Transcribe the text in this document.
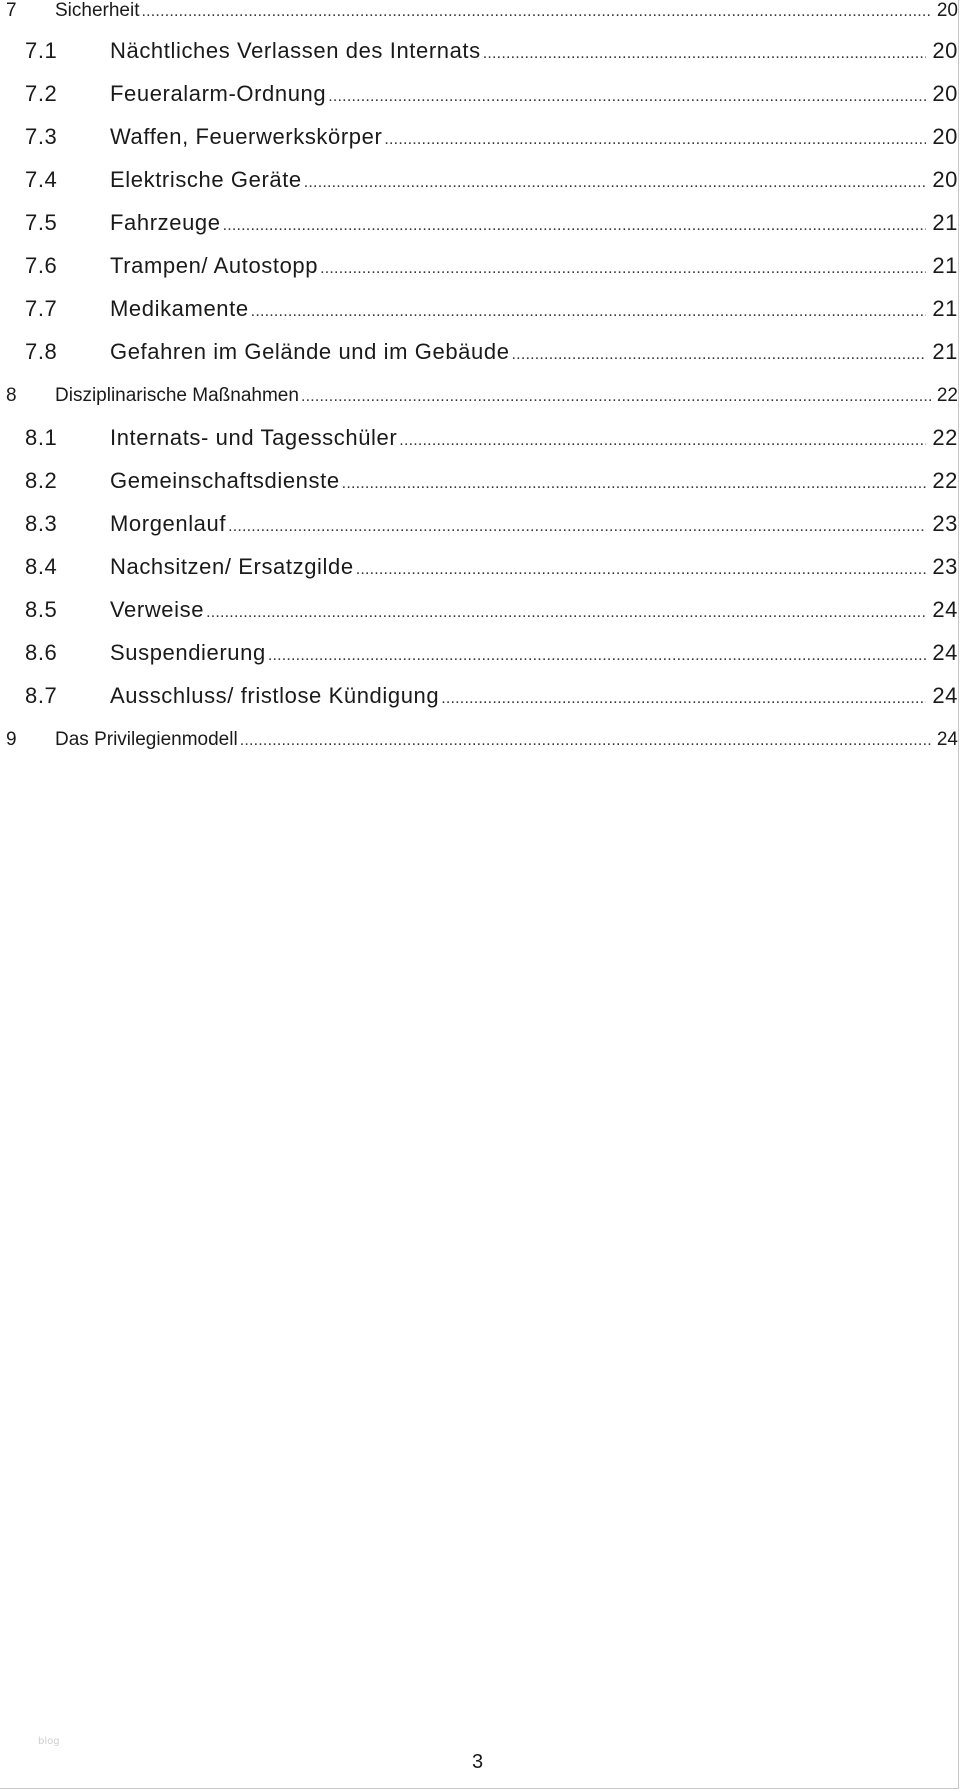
7	Sicherheit .....	20
7.1	Nächtliches Verlassen des Internats .....	20
7.2	Feueralarm-Ordnung .....	20
7.3	Waffen, Feuerwerkskörper .....	20
7.4	Elektrische Geräte .....	20
7.5	Fahrzeuge .....	21
7.6	Trampen/ Autostopp .....	21
7.7	Medikamente .....	21
7.8	Gefahren im Gelände und im Gebäude .....	21
8	Disziplinarische Maßnahmen .....	22
8.1	Internats- und Tagesschüler .....	22
8.2	Gemeinschaftsdienste .....	22
8.3	Morgenlauf .....	23
8.4	Nachsitzen/ Ersatzgilde .....	23
8.5	Verweise .....	24
8.6	Suspendierung .....	24
8.7	Ausschluss/ fristlose Kündigung .....	24
9	Das Privilegienmodell .....	24
blog
3
